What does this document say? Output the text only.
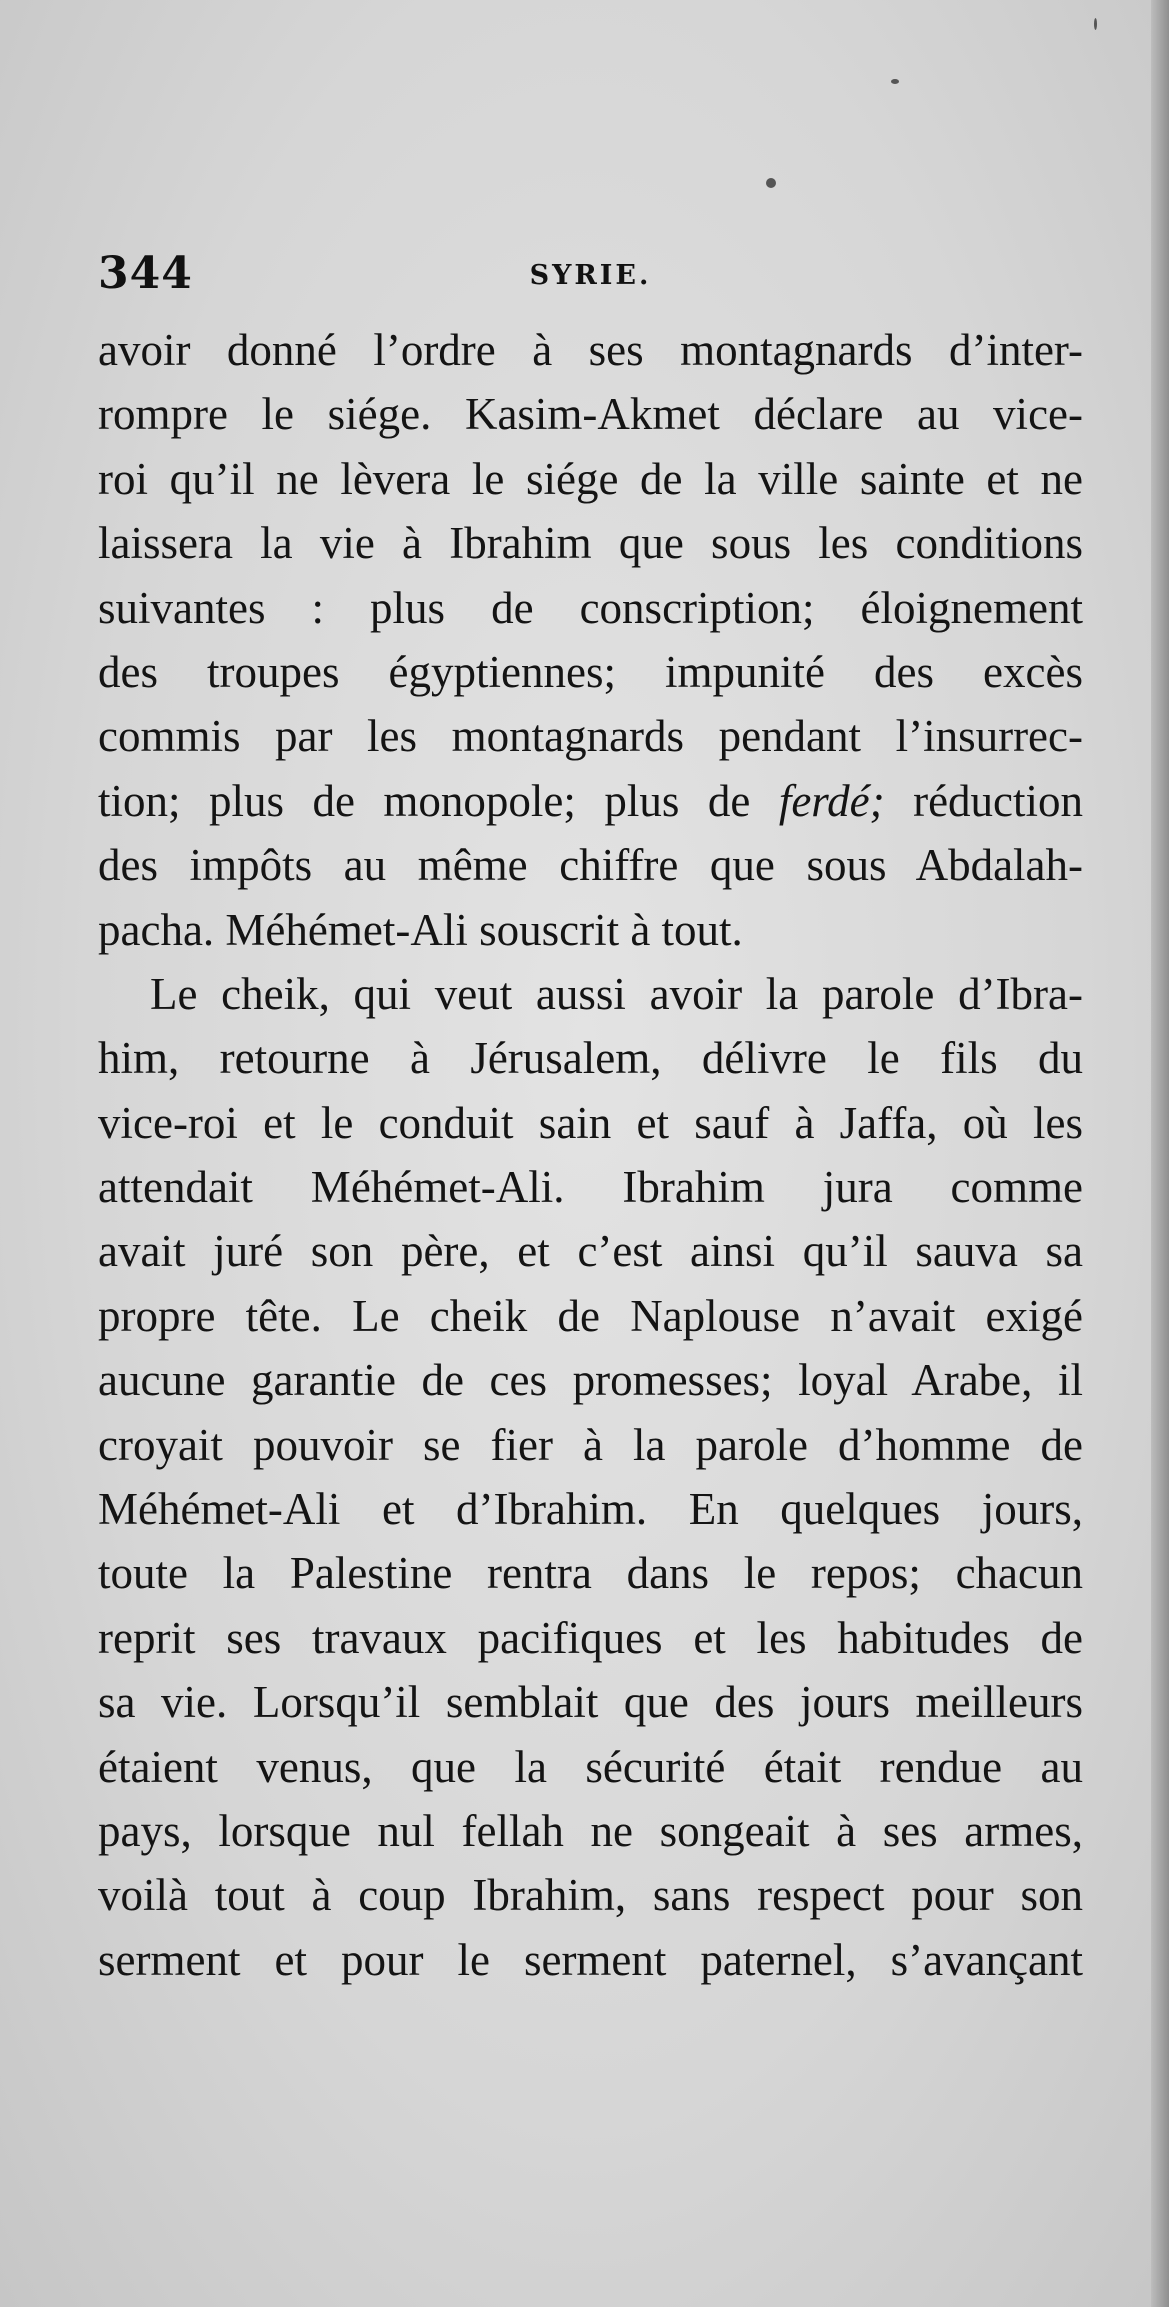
344	SYRIE.
avoir donné l’ordre à ses montagnards d’inter-
rompre le siége. Kasim-Akmet déclare au vice-
roi qu’il ne lèvera le siége de la ville sainte et ne
laissera la vie à Ibrahim que sous les conditions
suivantes : plus de conscription; éloignement
des troupes égyptiennes; impunité des excès
commis par les montagnards pendant l’insurrec-
tion; plus de monopole; plus de ferdé; réduction
des impôts au même chiffre que sous Abdalah-
pacha. Méhémet-Ali souscrit à tout.
Le cheik, qui veut aussi avoir la parole d’Ibra-
him, retourne à Jérusalem, délivre le fils du
vice-roi et le conduit sain et sauf à Jaffa, où les
attendait Méhémet-Ali. Ibrahim jura comme
avait juré son père, et c’est ainsi qu’il sauva sa
propre tête. Le cheik de Naplouse n’avait exigé
aucune garantie de ces promesses; loyal Arabe, il
croyait pouvoir se fier à la parole d’homme de
Méhémet-Ali et d’Ibrahim. En quelques jours,
toute la Palestine rentra dans le repos; chacun
reprit ses travaux pacifiques et les habitudes de
sa vie. Lorsqu’il semblait que des jours meilleurs
étaient venus, que la sécurité était rendue au
pays, lorsque nul fellah ne songeait à ses armes,
voilà tout à coup Ibrahim, sans respect pour son
serment et pour le serment paternel, s’avançant
